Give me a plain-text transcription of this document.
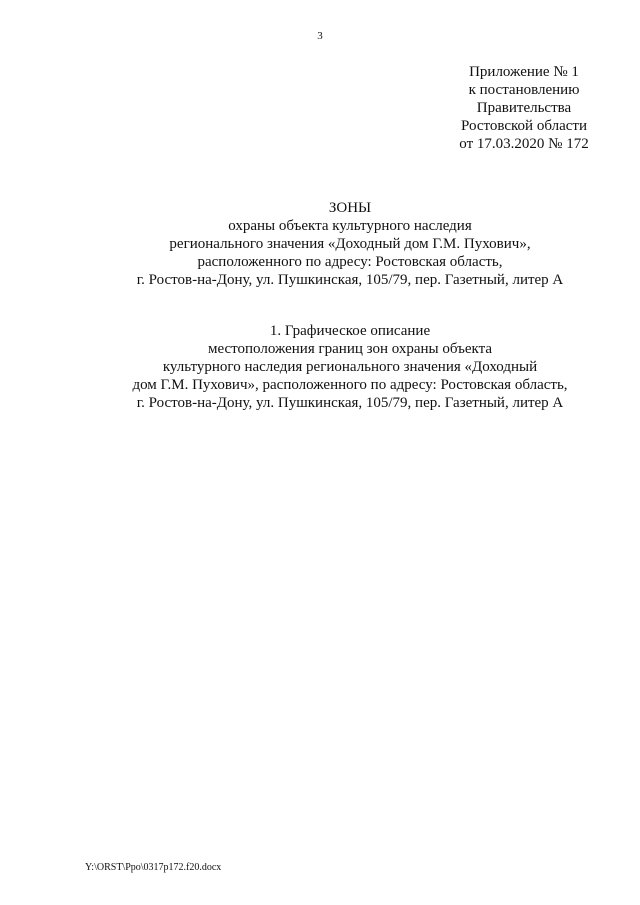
3
Приложение № 1
к постановлению
Правительства
Ростовской области
от 17.03.2020 № 172
ЗОНЫ
охраны объекта культурного наследия
регионального значения «Доходный дом Г.М. Пухович»,
расположенного по адресу: Ростовская область,
г. Ростов-на-Дону, ул. Пушкинская, 105/79, пер. Газетный, литер А
1. Графическое описание
местоположения границ зон охраны объекта
культурного наследия регионального значения «Доходный
дом Г.М. Пухович», расположенного по адресу: Ростовская область,
г. Ростов-на-Дону, ул. Пушкинская, 105/79, пер. Газетный, литер А
Y:\ORST\Ppo\0317p172.f20.docx
